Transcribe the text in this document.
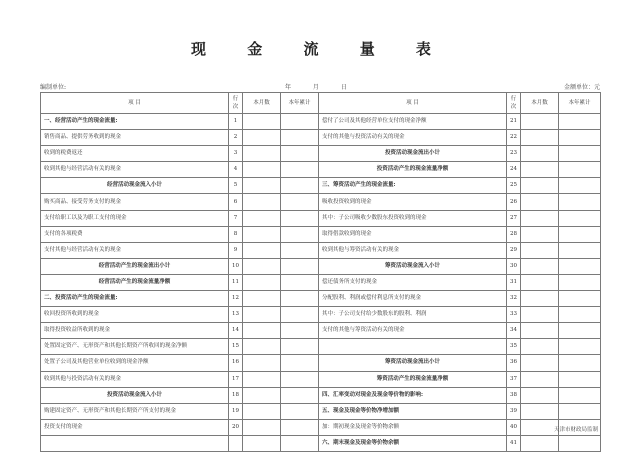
现 金 流 量 表
编制单位:	年 月 日	金额单位：元
项 目	行次	本月数	本年累计	项 目	行次	本月数	本年累计
一、经营活动产生的现金流量:	1			偿付了公司及其他经营单位支付的现金净额	21		
销售商品、提供劳务收到的现金	2			支付的其他与投资活动有关的现金	22		
收到的税费返还	3			投资活动现金流出小计	23		
收到其他与经营活动有关的现金	4			投资活动产生的现金流量净额	24		
经营活动现金流入小计	5			三、筹资活动产生的现金流量:	25		
购买商品、接受劳务支付的现金	6			吸收投资收到的现金	26		
支付给职工以及为职工支付的现金	7			其中：子公司吸收少数股东投资收到的现金	27		
支付的各项税费	8			取得借款收到的现金	28		
支付其他与经营活动有关的现金	9			收到其他与筹资活动有关的现金	29		
经营活动产生的现金流出小计	10			筹资活动现金流入小计	30		
经营活动产生的现金流量净额	11			偿还债务所支付的现金	31		
二、投资活动产生的现金流量:	12			分配股利、利润或偿付利息所支付的现金	32		
收回投资所收到的现金	13			其中：子公司支付给少数股东的股利、利润	33		
取得投资收益所收到的现金	14			支付的其他与筹资活动有关的现金	34		
处置固定资产、无形资产和其他长期资产所收回的现金净额	15				35		
处置子公司及其他营业单位收到的现金净额	16			筹资活动现金流出小计	36		
收到其他与投资活动有关的现金	17			筹资活动产生的现金流量净额	37		
投资活动现金流入小计	18			四、汇率变动对现金及现金等价物的影响:	38		
购建固定资产、无形资产和其他长期资产所支付的现金	19			五、现金及现金等价物净增加额	39		
投资支付的现金	20			加：期初现金及现金等价物余额	40		
				六、期末现金及现金等价物余额	41		
天津市财政局监制
